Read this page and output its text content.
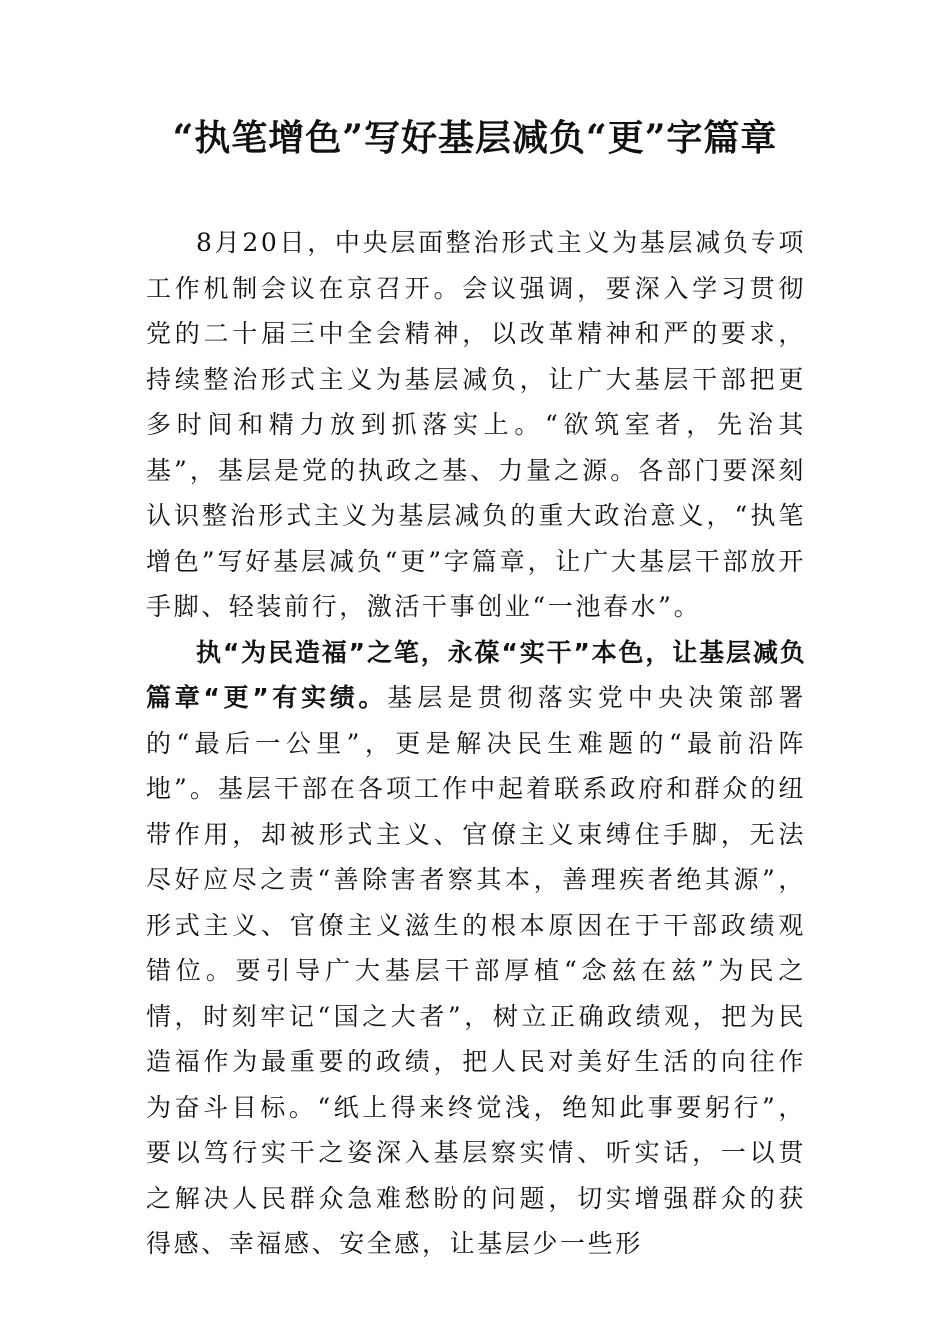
“执笔增色”写好基层减负“更”字篇章

8月20日，中央层面整治形式主义为基层减负专项工作机制会议在京召开。会议强调，要深入学习贯彻党的二十届三中全会精神，以改革精神和严的要求，持续整治形式主义为基层减负，让广大基层干部把更多时间和精力放到抓落实上。“欲筑室者，先治其基”，基层是党的执政之基、力量之源。各部门要深刻认识整治形式主义为基层减负的重大政治意义，“执笔增色”写好基层减负“更”字篇章，让广大基层干部放开手脚、轻装前行，激活干事创业“一池春水”。

执“为民造福”之笔，永葆“实干”本色，让基层减负篇章“更”有实绩。基层是贯彻落实党中央决策部署的“最后一公里”，更是解决民生难题的“最前沿阵地”。基层干部在各项工作中起着联系政府和群众的纽带作用，却被形式主义、官僚主义束缚住手脚，无法尽好应尽之责“善除害者察其本，善理疾者绝其源”，形式主义、官僚主义滋生的根本原因在于干部政绩观错位。要引导广大基层干部厚植“念兹在兹”为民之情，时刻牢记“国之大者”，树立正确政绩观，把为民造福作为最重要的政绩，把人民对美好生活的向往作为奋斗目标。“纸上得来终觉浅，绝知此事要躬行”，要以笃行实干之姿深入基层察实情、听实话，一以贯之解决人民群众急难愁盼的问题，切实增强群众的获得感、幸福感、安全感，让基层少一些形
